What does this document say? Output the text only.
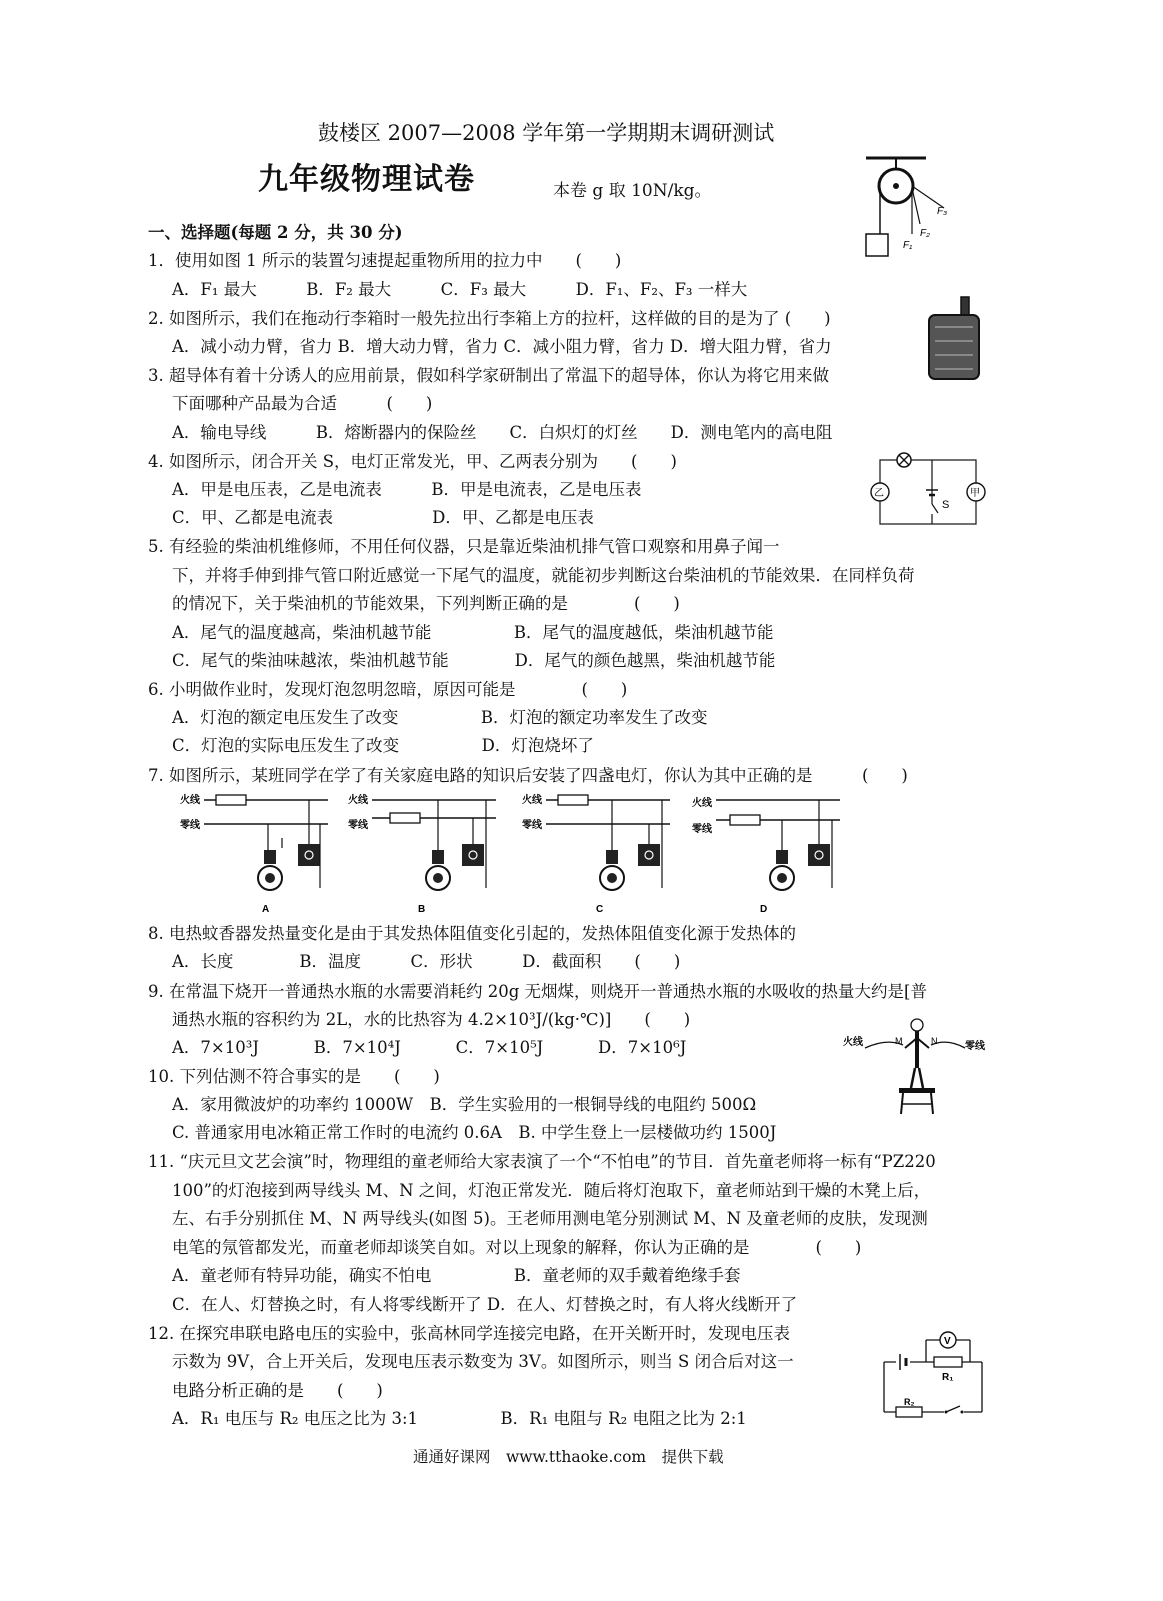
鼓楼区 2007—2008 学年第一学期期末调研测试
九年级物理试卷	本卷 g 取 10N/kg。
一、选择题(每题 2 分，共 30 分)
1．使用如图 1 所示的装置匀速提起重物所用的拉力中　　(　　)
A．F₁ 最大　　　B．F₂ 最大　　　C．F₃ 最大　　　D．F₁、F₂、F₃ 一样大
2. 如图所示，我们在拖动行李箱时一般先拉出行李箱上方的拉杆，这样做的目的是为了 (　　)
A．减小动力臂，省力 B．增大动力臂，省力 C．减小阻力臂，省力 D．增大阻力臂，省力
3. 超导体有着十分诱人的应用前景，假如科学家研制出了常温下的超导体，你认为将它用来做
下面哪种产品最为合适　　　(　　)
A．输电导线　　　B．熔断器内的保险丝　　C．白炽灯的灯丝　　D．测电笔内的高电阻
4. 如图所示，闭合开关 S，电灯正常发光，甲、乙两表分别为　　(　　)
A．甲是电压表，乙是电流表　　　B．甲是电流表，乙是电压表
C．甲、乙都是电流表　　　　　　D．甲、乙都是电压表
5. 有经验的柴油机维修师，不用任何仪器，只是靠近柴油机排气管口观察和用鼻子闻一
下，并将手伸到排气管口附近感觉一下尾气的温度，就能初步判断这台柴油机的节能效果．在同样负荷
的情况下，关于柴油机的节能效果，下列判断正确的是　　　　(　　)
A．尾气的温度越高，柴油机越节能　　　　　B．尾气的温度越低，柴油机越节能
C．尾气的柴油味越浓，柴油机越节能　　　　D．尾气的颜色越黑，柴油机越节能
6. 小明做作业时，发现灯泡忽明忽暗，原因可能是　　　　(　　)
A．灯泡的额定电压发生了改变　　　　　B．灯泡的额定功率发生了改变
C．灯泡的实际电压发生了改变　　　　　D．灯泡烧坏了
7. 如图所示，某班同学在学了有关家庭电路的知识后安装了四盏电灯，你认为其中正确的是　　　(　　)
8. 电热蚊香器发热量变化是由于其发热体阻值变化引起的，发热体阻值变化源于发热体的
A．长度　　　　B．温度　　　C．形状　　　D．截面积　　(　　)
9. 在常温下烧开一普通热水瓶的水需要消耗约 20g 无烟煤，则烧开一普通热水瓶的水吸收的热量大约是[普
通热水瓶的容积约为 2L，水的比热容为 4.2×10³J/(kg·℃)]　　(　　)
A．7×10³J　　　 B．7×10⁴J　　　 C．7×10⁵J　　　 D．7×10⁶J
10. 下列估测不符合事实的是　　(　　)
A．家用微波炉的功率约 1000W　B．学生实验用的一根铜导线的电阻约 500Ω
C. 普通家用电冰箱正常工作时的电流约 0.6A　B. 中学生登上一层楼做功约 1500J
11. “庆元旦文艺会演”时，物理组的童老师给大家表演了一个“不怕电”的节目．首先童老师将一标有“PZ220
100”的灯泡接到两导线头 M、N 之间，灯泡正常发光．随后将灯泡取下，童老师站到干燥的木凳上后，
左、右手分别抓住 M、N 两导线头(如图 5)。王老师用测电笔分别测试 M、N 及童老师的皮肤，发现测
电笔的氖管都发光，而童老师却谈笑自如。对以上现象的解释，你认为正确的是　　　　(　　)
A．童老师有特异功能，确实不怕电　　　　　B．童老师的双手戴着绝缘手套
C．在人、灯替换之时，有人将零线断开了 D．在人、灯替换之时，有人将火线断开了
12. 在探究串联电路电压的实验中，张高林同学连接完电路，在开关断开时，发现电压表
示数为 9V，合上开关后，发现电压表示数变为 3V。如图所示，则当 S 闭合后对这一
电路分析正确的是　　(　　)
A．R₁ 电压与 R₂ 电压之比为 3:1　　　　　B．R₁ 电阻与 R₂ 电阻之比为 2:1
通通好课网　www.tthaoke.com　提供下载
F₁
F₂
F₃
S
乙	甲
火线
零线
A
火线
零线
B
火线
零线
C
火线
零线
D
火线	零线
M	N
R₁
V
R₂
